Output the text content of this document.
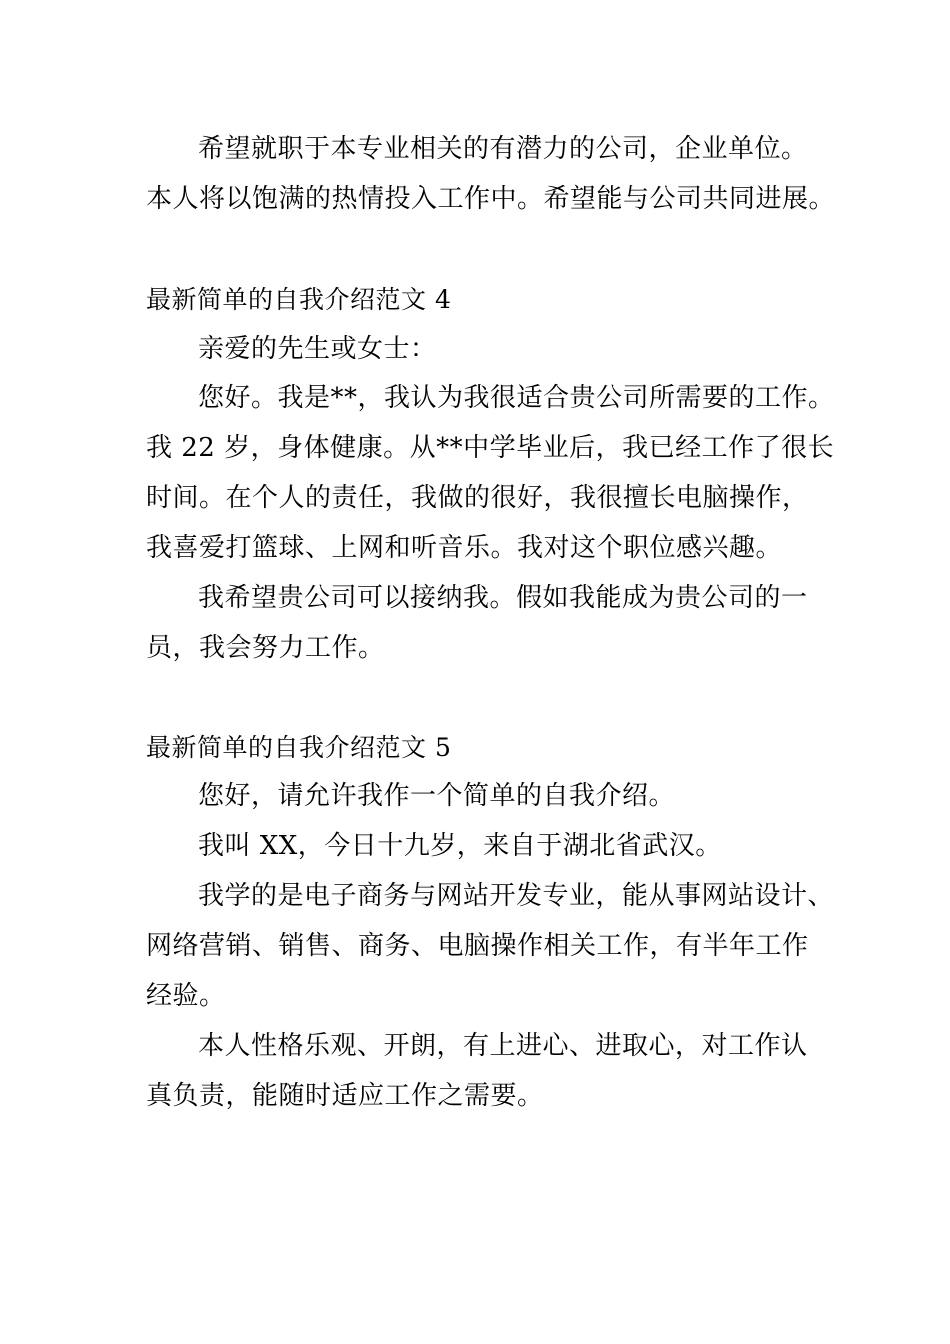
希望就职于本专业相关的有潜力的公司，企业单位。
本人将以饱满的热情投入工作中。希望能与公司共同进展。
最新简单的自我介绍范文 4
亲爱的先生或女士：
您好。我是**，我认为我很适合贵公司所需要的工作。
我 22 岁，身体健康。从**中学毕业后，我已经工作了很长
时间。在个人的责任，我做的很好，我很擅长电脑操作，
我喜爱打篮球、上网和听音乐。我对这个职位感兴趣。
我希望贵公司可以接纳我。假如我能成为贵公司的一
员，我会努力工作。
最新简单的自我介绍范文 5
您好，请允许我作一个简单的自我介绍。
我叫 XX，今日十九岁，来自于湖北省武汉。
我学的是电子商务与网站开发专业，能从事网站设计、
网络营销、销售、商务、电脑操作相关工作，有半年工作
经验。
本人性格乐观、开朗，有上进心、进取心，对工作认
真负责，能随时适应工作之需要。
